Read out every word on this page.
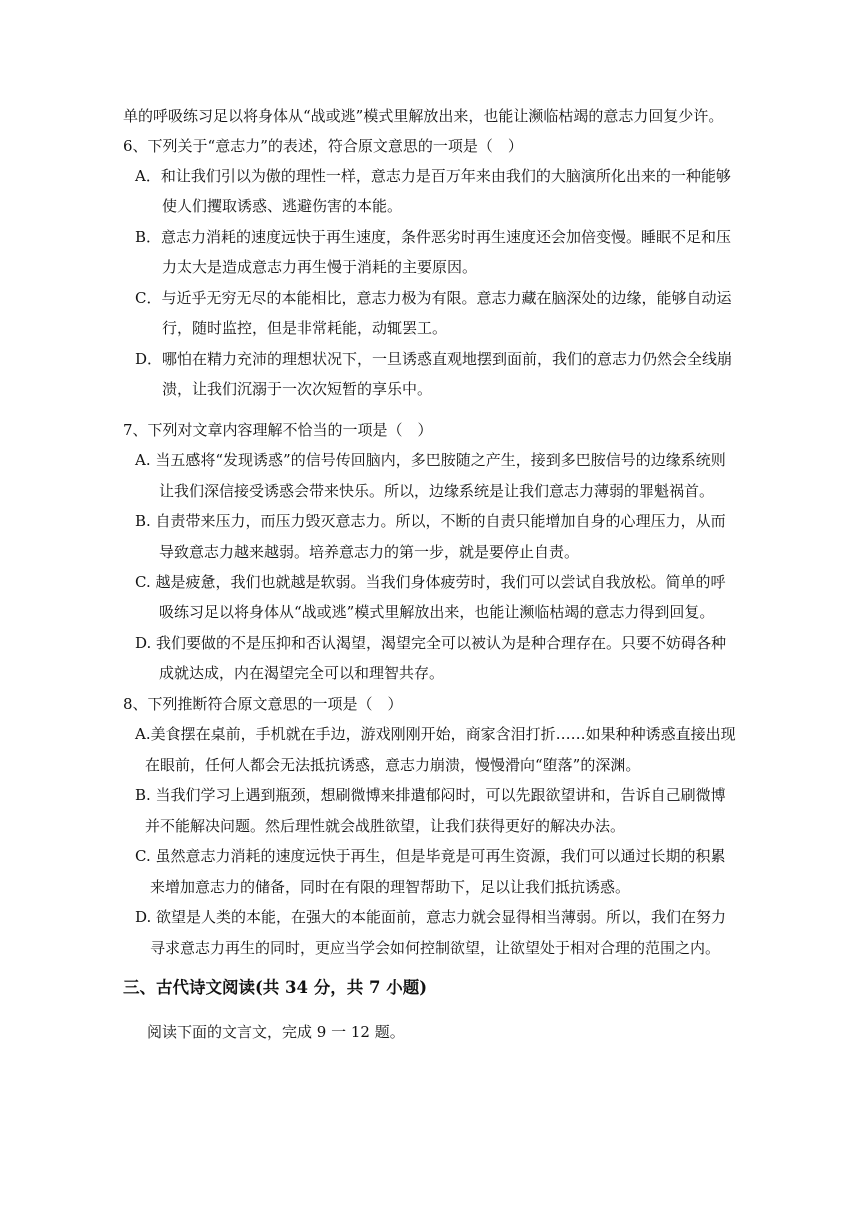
单的呼吸练习足以将身体从“战或逃”模式里解放出来，也能让濒临枯竭的意志力回复少许。
6、下列关于“意志力”的表述，符合原文意思的一项是（　）
A．和让我们引以为傲的理性一样，意志力是百万年来由我们的大脑演所化出来的一种能够
使人们攫取诱惑、逃避伤害的本能。
B．意志力消耗的速度远快于再生速度，条件恶劣时再生速度还会加倍变慢。睡眠不足和压
力太大是造成意志力再生慢于消耗的主要原因。
C．与近乎无穷无尽的本能相比，意志力极为有限。意志力藏在脑深处的边缘，能够自动运
行，随时监控，但是非常耗能，动辄罢工。
D．哪怕在精力充沛的理想状况下，一旦诱惑直观地摆到面前，我们的意志力仍然会全线崩
溃，让我们沉溺于一次次短暂的享乐中。
7、下列对文章内容理解不恰当的一项是（　）
A. 当五感将“发现诱惑”的信号传回脑内，多巴胺随之产生，接到多巴胺信号的边缘系统则
让我们深信接受诱惑会带来快乐。所以，边缘系统是让我们意志力薄弱的罪魁祸首。
B. 自责带来压力，而压力毁灭意志力。所以，不断的自责只能增加自身的心理压力，从而
导致意志力越来越弱。培养意志力的第一步，就是要停止自责。
C. 越是疲惫，我们也就越是软弱。当我们身体疲劳时，我们可以尝试自我放松。简单的呼
吸练习足以将身体从“战或逃”模式里解放出来，也能让濒临枯竭的意志力得到回复。
D. 我们要做的不是压抑和否认渴望，渴望完全可以被认为是种合理存在。只要不妨碍各种
成就达成，内在渴望完全可以和理智共存。
8、下列推断符合原文意思的一项是（　）
A.美食摆在桌前，手机就在手边，游戏刚刚开始，商家含泪打折……如果种种诱惑直接出现
在眼前，任何人都会无法抵抗诱惑，意志力崩溃，慢慢滑向“堕落”的深渊。
B. 当我们学习上遇到瓶颈，想刷微博来排遣郁闷时，可以先跟欲望讲和，告诉自己刷微博
并不能解决问题。然后理性就会战胜欲望，让我们获得更好的解决办法。
C. 虽然意志力消耗的速度远快于再生，但是毕竟是可再生资源，我们可以通过长期的积累
来增加意志力的储备，同时在有限的理智帮助下，足以让我们抵抗诱惑。
D. 欲望是人类的本能，在强大的本能面前，意志力就会显得相当薄弱。所以，我们在努力
寻求意志力再生的同时，更应当学会如何控制欲望，让欲望处于相对合理的范围之内。
三、古代诗文阅读(共 34 分，共 7 小题)
阅读下面的文言文，完成 9 一 12 题。
